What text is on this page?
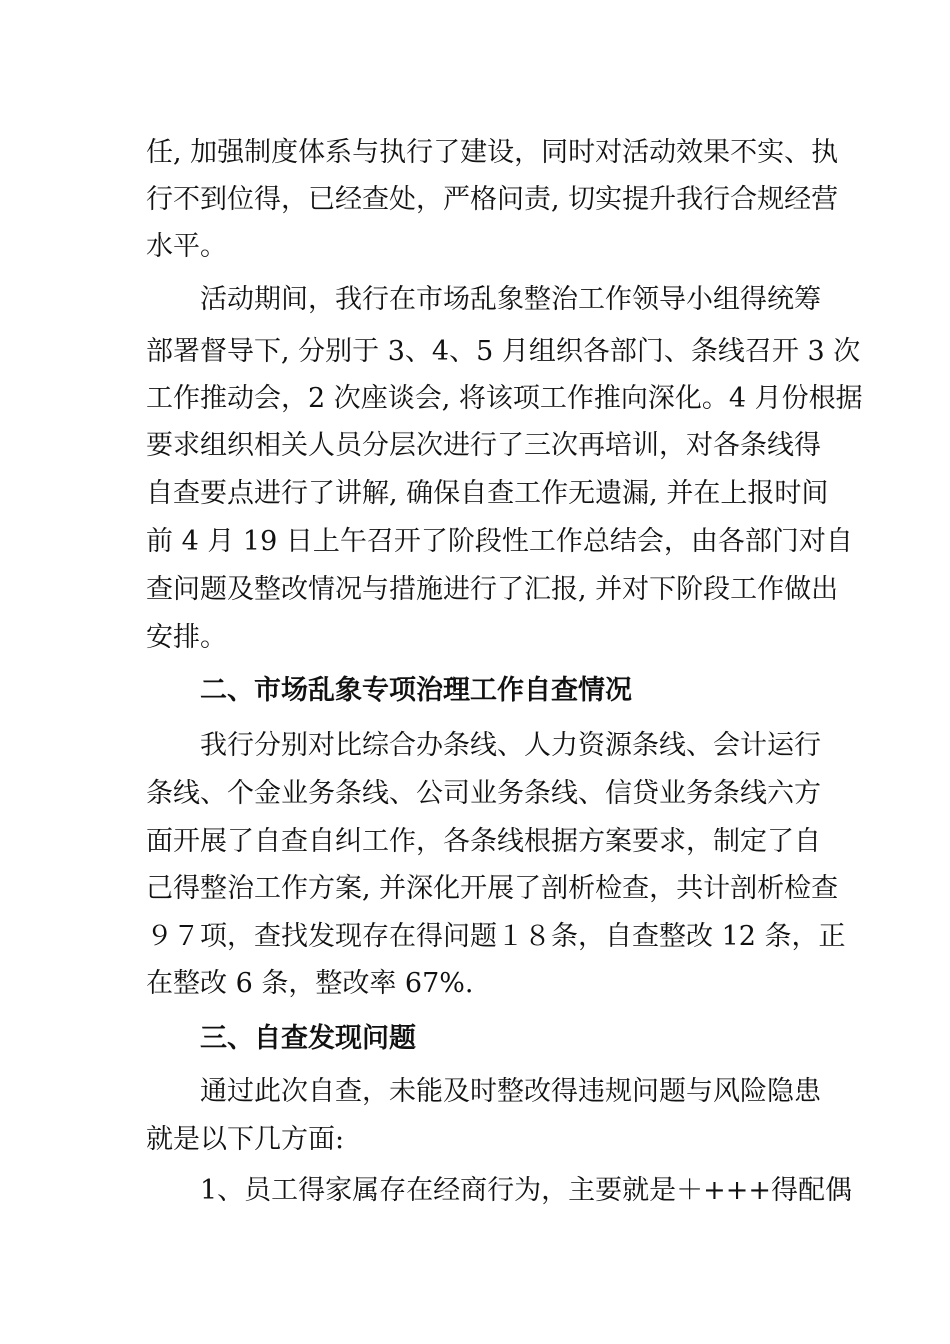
任, 加强制度体系与执行了建设，同时对活动效果不实、执
行不到位得，已经查处，严格问责, 切实提升我行合规经营
水平。
活动期间，我行在市场乱象整治工作领导小组得统筹
部署督导下, 分别于 3、4、5 月组织各部门、条线召开 3 次
工作推动会，2 次座谈会, 将该项工作推向深化。4 月份根据
要求组织相关人员分层次进行了三次再培训，对各条线得
自查要点进行了讲解, 确保自查工作无遗漏, 并在上报时间
前 4 月 19 日上午召开了阶段性工作总结会，由各部门对自
查问题及整改情况与措施进行了汇报, 并对下阶段工作做出
安排。
二、市场乱象专项治理工作自查情况
我行分别对比综合办条线、人力资源条线、会计运行
条线、个金业务条线、公司业务条线、信贷业务条线六方
面开展了自查自纠工作，各条线根据方案要求，制定了自
己得整治工作方案, 并深化开展了剖析检查，共计剖析检查
９７项，查找发现存在得问题１８条，自查整改 12 条，正
在整改 6 条，整改率 67%.
三、自查发现问题
通过此次自查，未能及时整改得违规问题与风险隐患
就是以下几方面:
1、员工得家属存在经商行为，主要就是＋+++得配偶
